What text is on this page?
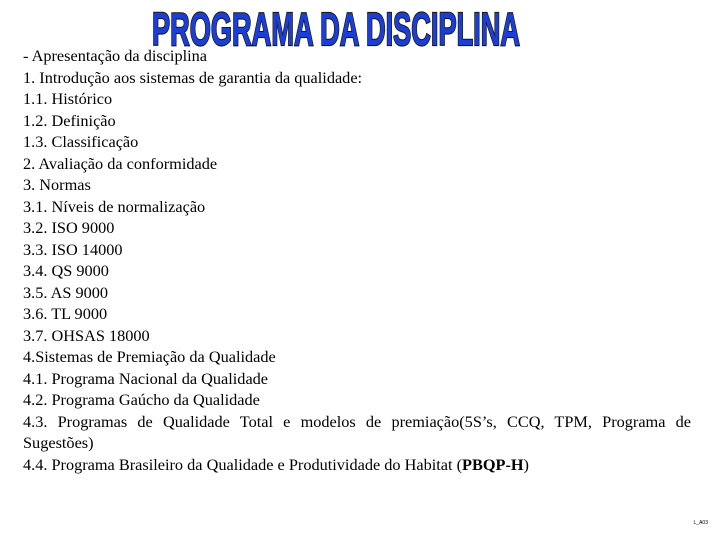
PROGRAMA DA DISCIPLINA
- Apresentação da disciplina
1. Introdução aos sistemas de garantia da qualidade:
1.1. Histórico
1.2. Definição
1.3. Classificação
2. Avaliação da conformidade
3. Normas
3.1. Níveis de normalização
3.2. ISO 9000
3.3. ISO 14000
3.4. QS 9000
3.5. AS 9000
3.6. TL 9000
3.7. OHSAS 18000
4.Sistemas de Premiação da Qualidade
4.1. Programa Nacional da Qualidade
4.2. Programa Gaúcho da Qualidade
4.3. Programas de Qualidade Total e modelos de premiação(5S’s, CCQ, TPM, Programa de Sugestões)
4.4. Programa Brasileiro da Qualidade e Produtividade do Habitat (PBQP-H)
L_A03
